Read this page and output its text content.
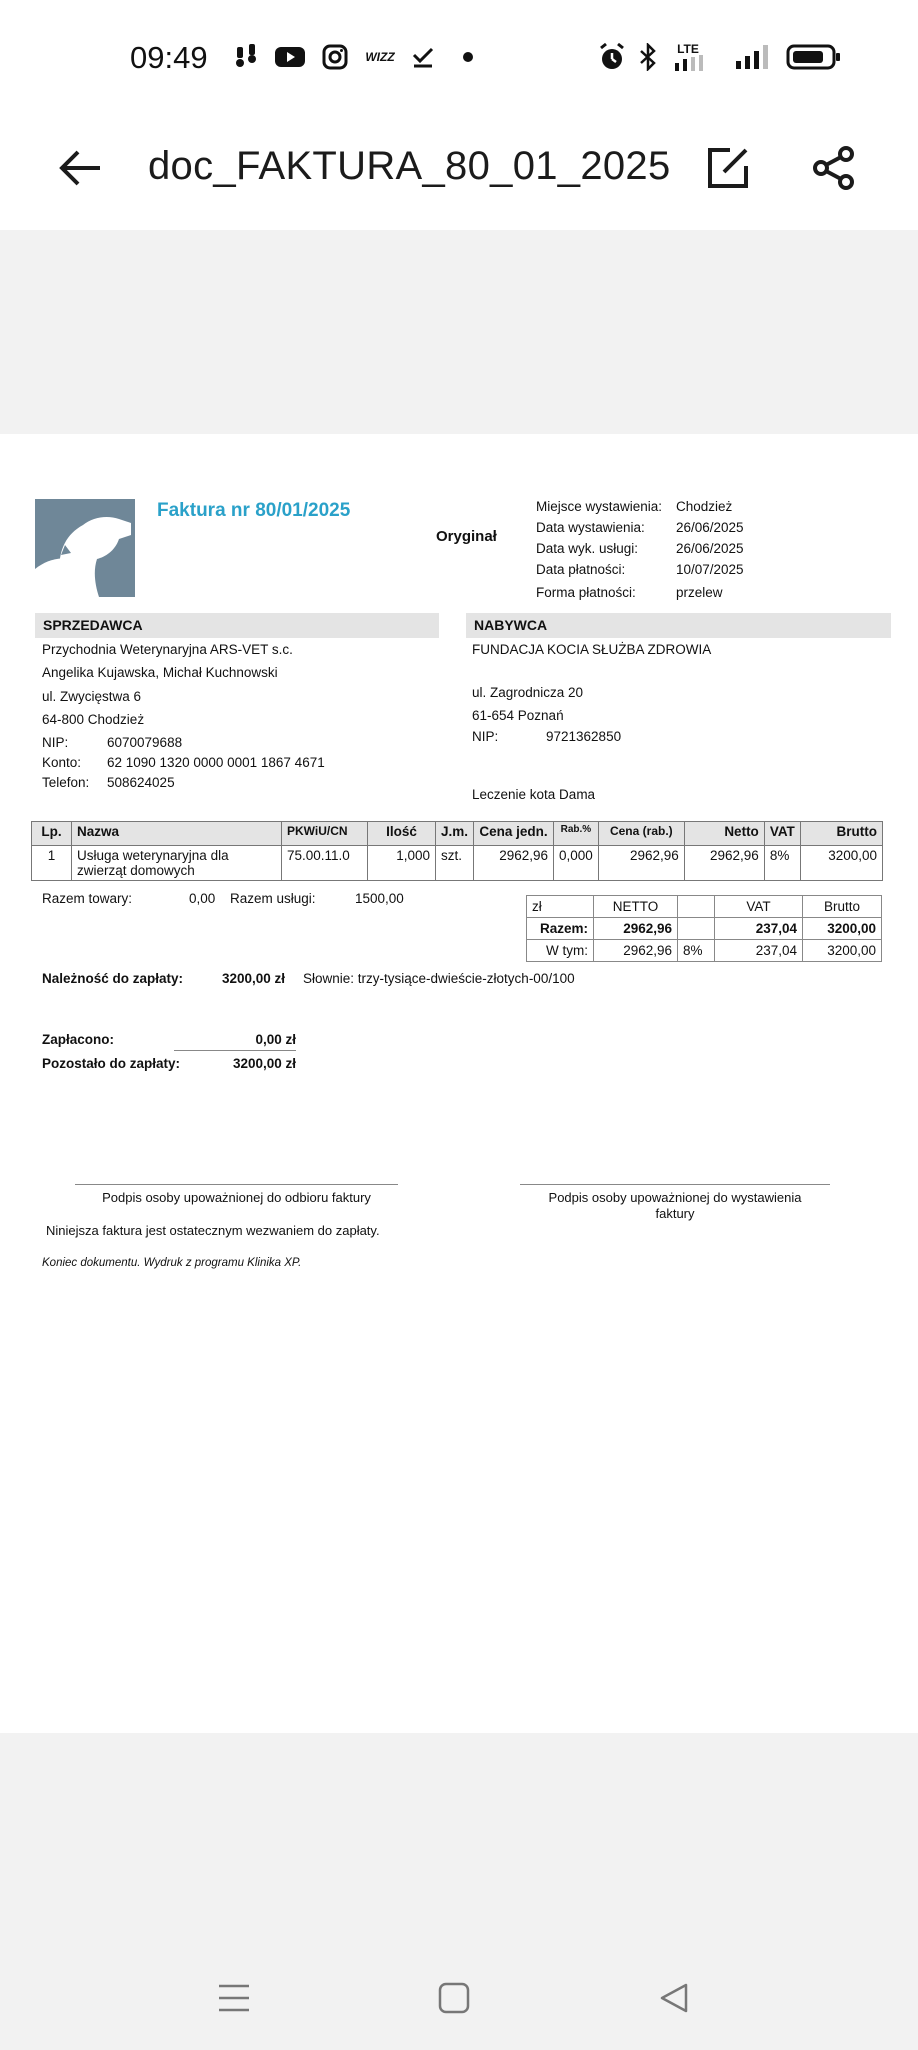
09:49	WIZZ
LTE
doc_FAKTURA_80_01_2025
Faktura nr 80/01/2025
Oryginał
Miejsce wystawienia: Chodzież
Data wystawienia: 26/06/2025
Data wyk. usługi:	26/06/2025
Data płatności:	10/07/2025
Forma płatności:	przelew
SPRZEDAWCA
Przychodnia Weterynaryjna ARS-VET s.c.
Angelika Kujawska, Michał Kuchnowski
ul. Zwycięstwa 6
64-800 Chodzież
NIP:	6070079688
Konto: 62 1090 1320 0000 0001 1867 4671
Telefon: 508624025
NABYWCA
FUNDACJA KOCIA SŁUŻBA ZDROWIA
ul. Zagrodnicza 20
61-654 Poznań
NIP:	9721362850
Leczenie kota Dama
Lp.	Nazwa	PKWiU/CN	Ilość	J.m.	Cena jedn.	Rab.%	Cena (rab.)	Netto	VAT	Brutto
1	Usługa weterynaryjna dla
zwierząt domowych	75.00.11.0	1,000	szt.	2962,96	0,000	2962,96	2962,96	8%	3200,00
Razem towary:	0,00 Razem usługi:	1500,00
zł	NETTO		VAT	Brutto
Razem:	2962,96		237,04	3200,00
W tym:	2962,96	8%	237,04	3200,00
Należność do zapłaty:	3200,00 zł Słownie: trzy-tysiące-dwieście-złotych-00/100
Zapłacono:	0,00 zł
Pozostało do zapłaty:	3200,00 zł
Podpis osoby upoważnionej do odbioru faktury	Podpis osoby upoważnionej do wystawienia
faktury
Niniejsza faktura jest ostatecznym wezwaniem do zapłaty.
Koniec dokumentu. Wydruk z programu Klinika XP.
